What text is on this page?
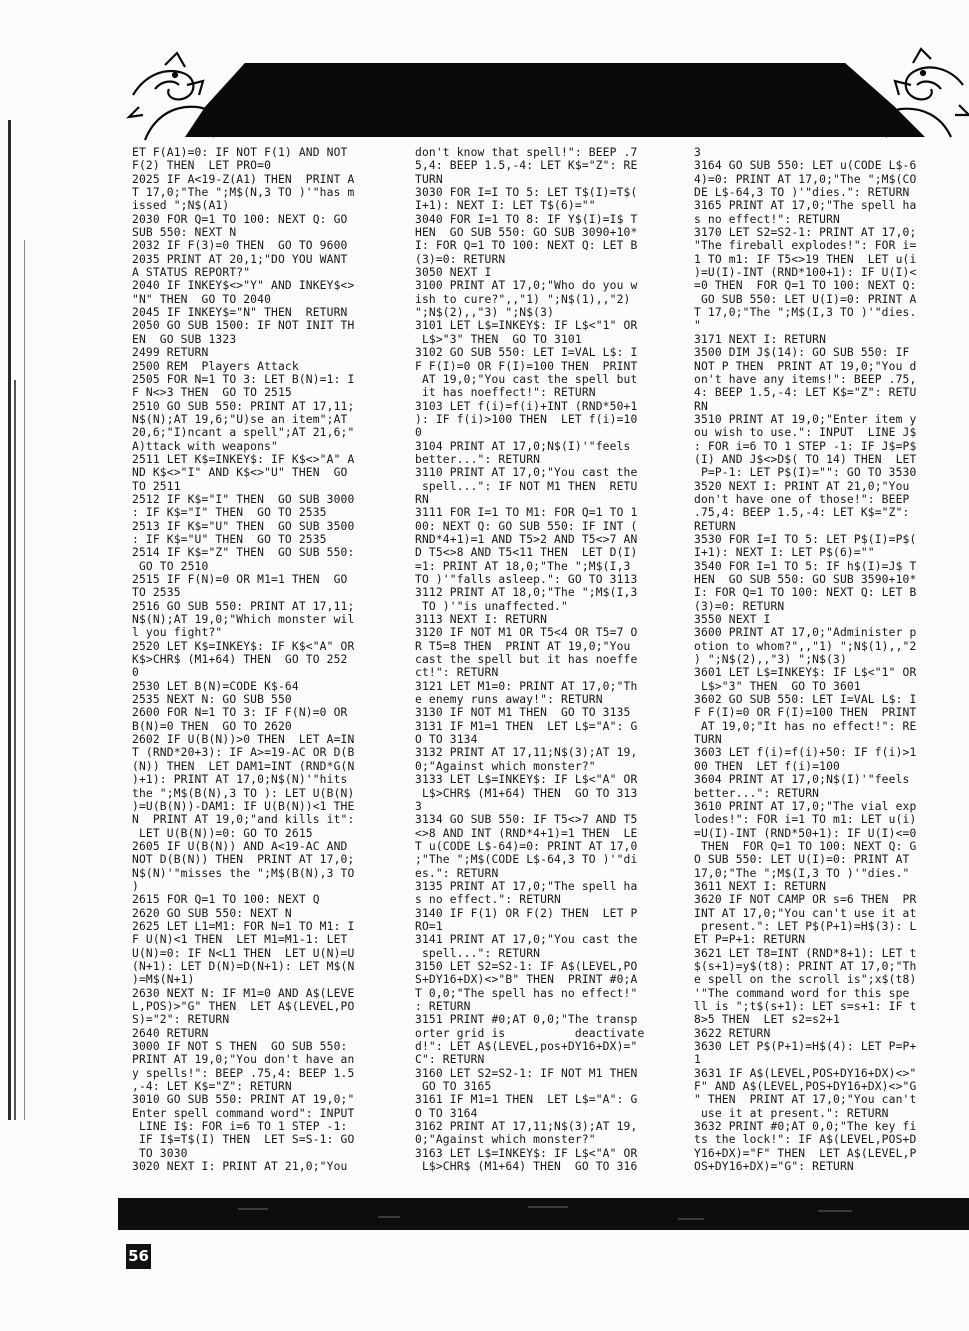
ET F(A1)=0: IF NOT F(1) AND NOT
F(2) THEN  LET PRO=0
2025 IF A<19-Z(A1) THEN  PRINT A
T 17,0;"The ";M$(N,3 TO )'"has m
issed ";N$(A1)
2030 FOR Q=1 TO 100: NEXT Q: GO
SUB 550: NEXT N
2032 IF F(3)=0 THEN  GO TO 9600
2035 PRINT AT 20,1;"DO YOU WANT
A STATUS REPORT?"
2040 IF INKEY$<>"Y" AND INKEY$<>
"N" THEN  GO TO 2040
2045 IF INKEY$="N" THEN  RETURN
2050 GO SUB 1500: IF NOT INIT TH
EN  GO SUB 1323
2499 RETURN
2500 REM  Players Attack
2505 FOR N=1 TO 3: LET B(N)=1: I
F N<>3 THEN  GO TO 2515
2510 GO SUB 550: PRINT AT 17,11;
N$(N);AT 19,6;"U)se an item";AT
20,6;"I)ncant a spell";AT 21,6;"
A)ttack with weapons"
2511 LET K$=INKEY$: IF K$<>"A" A
ND K$<>"I" AND K$<>"U" THEN  GO
TO 2511
2512 IF K$="I" THEN  GO SUB 3000
: IF K$="I" THEN  GO TO 2535
2513 IF K$="U" THEN  GO SUB 3500
: IF K$="U" THEN  GO TO 2535
2514 IF K$="Z" THEN  GO SUB 550:
GO TO 2510
2515 IF F(N)=0 OR M1=1 THEN  GO
TO 2535
2516 GO SUB 550: PRINT AT 17,11;
N$(N);AT 19,0;"Which monster wil
l you fight?"
2520 LET K$=INKEY$: IF K$<"A" OR
K$>CHR$ (M1+64) THEN  GO TO 252
0
2530 LET B(N)=CODE K$-64
2535 NEXT N: GO SUB 550
2600 FOR N=1 TO 3: IF F(N)=0 OR
B(N)=0 THEN  GO TO 2620
2602 IF U(B(N))>0 THEN  LET A=IN
T (RND*20+3): IF A>=19-AC OR D(B
(N)) THEN  LET DAM1=INT (RND*G(N
)+1): PRINT AT 17,0;N$(N)'"hits
the ";M$(B(N),3 TO ): LET U(B(N)
)=U(B(N))-DAM1: IF U(B(N))<1 THE
N  PRINT AT 19,0;"and kills it":
LET U(B(N))=0: GO TO 2615
2605 IF U(B(N)) AND A<19-AC AND
NOT D(B(N)) THEN  PRINT AT 17,0;
N$(N)'"misses the ";M$(B(N),3 TO
)
2615 FOR Q=1 TO 100: NEXT Q
2620 GO SUB 550: NEXT N
2625 LET L1=M1: FOR N=1 TO M1: I
F U(N)<1 THEN  LET M1=M1-1: LET
U(N)=0: IF N<L1 THEN  LET U(N)=U
(N+1): LET D(N)=D(N+1): LET M$(N
)=M$(N+1)
2630 NEXT N: IF M1=0 AND A$(LEVE
L,POS)>"G" THEN  LET A$(LEVEL,PO
S)="2": RETURN
2640 RETURN
3000 IF NOT S THEN  GO SUB 550:
PRINT AT 19,0;"You don't have an
y spells!": BEEP .75,4: BEEP 1.5
,-4: LET K$="Z": RETURN
3010 GO SUB 550: PRINT AT 19,0;"
Enter spell command word": INPUT
LINE I$: FOR i=6 TO 1 STEP -1:
IF I$=T$(I) THEN  LET S=S-1: GO
TO 3030
3020 NEXT I: PRINT AT 21,0;"You
don't know that spell!": BEEP .7
5,4: BEEP 1.5,-4: LET K$="Z": RE
TURN
3030 FOR I=I TO 5: LET T$(I)=T$(
I+1): NEXT I: LET T$(6)=""
3040 FOR I=1 TO 8: IF Y$(I)=I$ T
HEN  GO SUB 550: GO SUB 3090+10*
I: FOR Q=1 TO 100: NEXT Q: LET B
(3)=0: RETURN
3050 NEXT I
3100 PRINT AT 17,0;"Who do you w
ish to cure?",,"1) ";N$(1),,"2)
";N$(2),,"3) ";N$(3)
3101 LET L$=INKEY$: IF L$<"1" OR
L$>"3" THEN  GO TO 3101
3102 GO SUB 550: LET I=VAL L$: I
F F(I)=0 OR F(I)=100 THEN  PRINT
AT 19,0;"You cast the spell but
it has noeffect!": RETURN
3103 LET f(i)=f(i)+INT (RND*50+1
): IF f(i)>100 THEN  LET f(i)=10
0
3104 PRINT AT 17,0;N$(I)'"feels
better...": RETURN
3110 PRINT AT 17,0;"You cast the
spell...": IF NOT M1 THEN  RETU
RN
3111 FOR I=1 TO M1: FOR Q=1 TO 1
00: NEXT Q: GO SUB 550: IF INT (
RND*4+1)=1 AND T5>2 AND T5<>7 AN
D T5<>8 AND T5<11 THEN  LET D(I)
=1: PRINT AT 18,0;"The ";M$(I,3
TO )'"falls asleep.": GO TO 3113
3112 PRINT AT 18,0;"The ";M$(I,3
TO )'"is unaffected."
3113 NEXT I: RETURN
3120 IF NOT M1 OR T5<4 OR T5=7 O
R T5=8 THEN  PRINT AT 19,0;"You
cast the spell but it has noeffe
ct!": RETURN
3121 LET M1=0: PRINT AT 17,0;"Th
e enemy runs away!": RETURN
3130 IF NOT M1 THEN  GO TO 3135
3131 IF M1=1 THEN  LET L$="A": G
O TO 3134
3132 PRINT AT 17,11;N$(3);AT 19,
0;"Against which monster?"
3133 LET L$=INKEY$: IF L$<"A" OR
L$>CHR$ (M1+64) THEN  GO TO 313
3
3134 GO SUB 550: IF T5<>7 AND T5
<>8 AND INT (RND*4+1)=1 THEN  LE
T u(CODE L$-64)=0: PRINT AT 17,0
;"The ";M$(CODE L$-64,3 TO )'"di
es.": RETURN
3135 PRINT AT 17,0;"The spell ha
s no effect.": RETURN
3140 IF F(1) OR F(2) THEN  LET P
RO=1
3141 PRINT AT 17,0;"You cast the
spell...": RETURN
3150 LET S2=S2-1: IF A$(LEVEL,PO
S+DY16+DX)<>"B" THEN  PRINT #0;A
T 0,0;"The spell has no effect!"
: RETURN
3151 PRINT #0;AT 0,0;"The transp
orter grid is          deactivate
d!": LET A$(LEVEL,pos+DY16+DX)="
C": RETURN
3160 LET S2=S2-1: IF NOT M1 THEN
GO TO 3165
3161 IF M1=1 THEN  LET L$="A": G
O TO 3164
3162 PRINT AT 17,11;N$(3);AT 19,
0;"Against which monster?"
3163 LET L$=INKEY$: IF L$<"A" OR
L$>CHR$ (M1+64) THEN  GO TO 316
3
3164 GO SUB 550: LET u(CODE L$-6
4)=0: PRINT AT 17,0;"The ";M$(CO
DE L$-64,3 TO )'"dies.": RETURN
3165 PRINT AT 17,0;"The spell ha
s no effect!": RETURN
3170 LET S2=S2-1: PRINT AT 17,0;
"The fireball explodes!": FOR i=
1 TO m1: IF T5<>19 THEN  LET u(i
)=U(I)-INT (RND*100+1): IF U(I)<
=0 THEN  FOR Q=1 TO 100: NEXT Q:
GO SUB 550: LET U(I)=0: PRINT A
T 17,0;"The ";M$(I,3 TO )'"dies.
"
3171 NEXT I: RETURN
3500 DIM J$(14): GO SUB 550: IF
NOT P THEN  PRINT AT 19,0;"You d
on't have any items!": BEEP .75,
4: BEEP 1.5,-4: LET K$="Z": RETU
RN
3510 PRINT AT 19,0;"Enter item y
ou wish to use.": INPUT  LINE J$
: FOR i=6 TO 1 STEP -1: IF J$=P$
(I) AND J$<>D$( TO 14) THEN  LET
P=P-1: LET P$(I)="": GO TO 3530
3520 NEXT I: PRINT AT 21,0;"You
don't have one of those!": BEEP
.75,4: BEEP 1.5,-4: LET K$="Z":
RETURN
3530 FOR I=I TO 5: LET P$(I)=P$(
I+1): NEXT I: LET P$(6)=""
3540 FOR I=1 TO 5: IF h$(I)=J$ T
HEN  GO SUB 550: GO SUB 3590+10*
I: FOR Q=1 TO 100: NEXT Q: LET B
(3)=0: RETURN
3550 NEXT I
3600 PRINT AT 17,0;"Administer p
otion to whom?",,"1) ";N$(1),,"2
) ";N$(2),,"3) ";N$(3)
3601 LET L$=INKEY$: IF L$<"1" OR
L$>"3" THEN  GO TO 3601
3602 GO SUB 550: LET I=VAL L$: I
F F(I)=0 OR F(I)=100 THEN  PRINT
AT 19,0;"It has no effect!": RE
TURN
3603 LET f(i)=f(i)+50: IF f(i)>1
00 THEN  LET f(i)=100
3604 PRINT AT 17,0;N$(I)'"feels
better...": RETURN
3610 PRINT AT 17,0;"The vial exp
lodes!": FOR i=1 TO m1: LET u(i)
=U(I)-INT (RND*50+1): IF U(I)<=0
THEN  FOR Q=1 TO 100: NEXT Q: G
O SUB 550: LET U(I)=0: PRINT AT
17,0;"The ";M$(I,3 TO )'"dies."
3611 NEXT I: RETURN
3620 IF NOT CAMP OR s=6 THEN  PR
INT AT 17,0;"You can't use it at
present.": LET P$(P+1)=H$(3): L
ET P=P+1: RETURN
3621 LET T8=INT (RND*8+1): LET t
$(s+1)=y$(t8): PRINT AT 17,0;"Th
e spell on the scroll is";x$(t8)
'"The command word for this spe
ll is ";t$(s+1): LET s=s+1: IF t
8>5 THEN  LET s2=s2+1
3622 RETURN
3630 LET P$(P+1)=H$(4): LET P=P+
1
3631 IF A$(LEVEL,POS+DY16+DX)<>"
F" AND A$(LEVEL,POS+DY16+DX)<>"G
" THEN  PRINT AT 17,0;"You can't
use it at present.": RETURN
3632 PRINT #0;AT 0,0;"The key fi
ts the lock!": IF A$(LEVEL,POS+D
Y16+DX)="F" THEN  LET A$(LEVEL,P
OS+DY16+DX)="G": RETURN
56
